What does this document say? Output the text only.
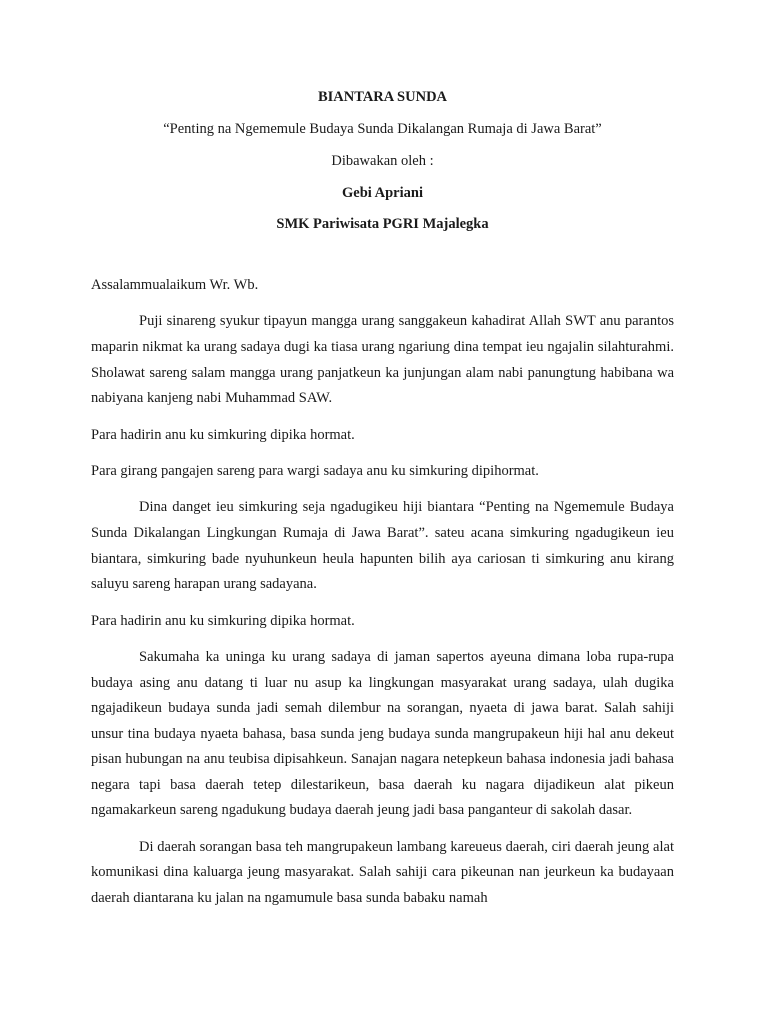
BIANTARA SUNDA
“Penting na Ngememule Budaya Sunda Dikalangan Rumaja di Jawa Barat”
Dibawakan oleh :
Gebi Apriani
SMK Pariwisata PGRI Majalegka

Assalammualaikum Wr. Wb.

Puji sinareng syukur tipayun mangga urang sanggakeun kahadirat Allah SWT anu parantos maparin nikmat ka urang sadaya dugi ka tiasa urang ngariung dina tempat ieu ngajalin silahturahmi. Sholawat sareng salam mangga urang panjatkeun ka junjungan alam nabi panungtung habibana wa nabiyana kanjeng nabi Muhammad SAW.

Para hadirin anu ku simkuring dipika hormat.

Para girang pangajen sareng para wargi sadaya anu ku simkuring dipihormat.

Dina danget ieu simkuring seja ngadugikeu hiji biantara “Penting na Ngememule Budaya Sunda Dikalangan Lingkungan Rumaja di Jawa Barat”. sateu acana simkuring ngadugikeun ieu biantara, simkuring bade nyuhunkeun heula hapunten bilih aya cariosan ti simkuring anu kirang saluyu sareng harapan urang sadayana.

Para hadirin anu ku simkuring dipika hormat.

Sakumaha ka uninga ku urang sadaya di jaman sapertos ayeuna dimana loba rupa-rupa budaya asing anu datang ti luar nu asup ka lingkungan masyarakat urang sadaya, ulah dugika ngajadikeun budaya sunda jadi semah dilembur na sorangan, nyaeta di jawa barat. Salah sahiji unsur tina budaya nyaeta bahasa, basa sunda jeng budaya sunda mangrupakeun hiji hal anu dekeut pisan hubungan na anu teubisa dipisahkeun. Sanajan nagara netepkeun bahasa indonesia jadi bahasa negara tapi basa daerah tetep dilestarikeun, basa daerah ku nagara dijadikeun alat pikeun ngamakarkeun sareng ngadukung budaya daerah jeung jadi basa panganteur di sakolah dasar.

Di daerah sorangan basa teh mangrupakeun lambang kareueus daerah, ciri daerah jeung alat komunikasi dina kaluarga jeung masyarakat. Salah sahiji cara pikeunan nan jeurkeun ka budayaan daerah diantarana ku jalan na ngamumule basa sunda babaku namah
